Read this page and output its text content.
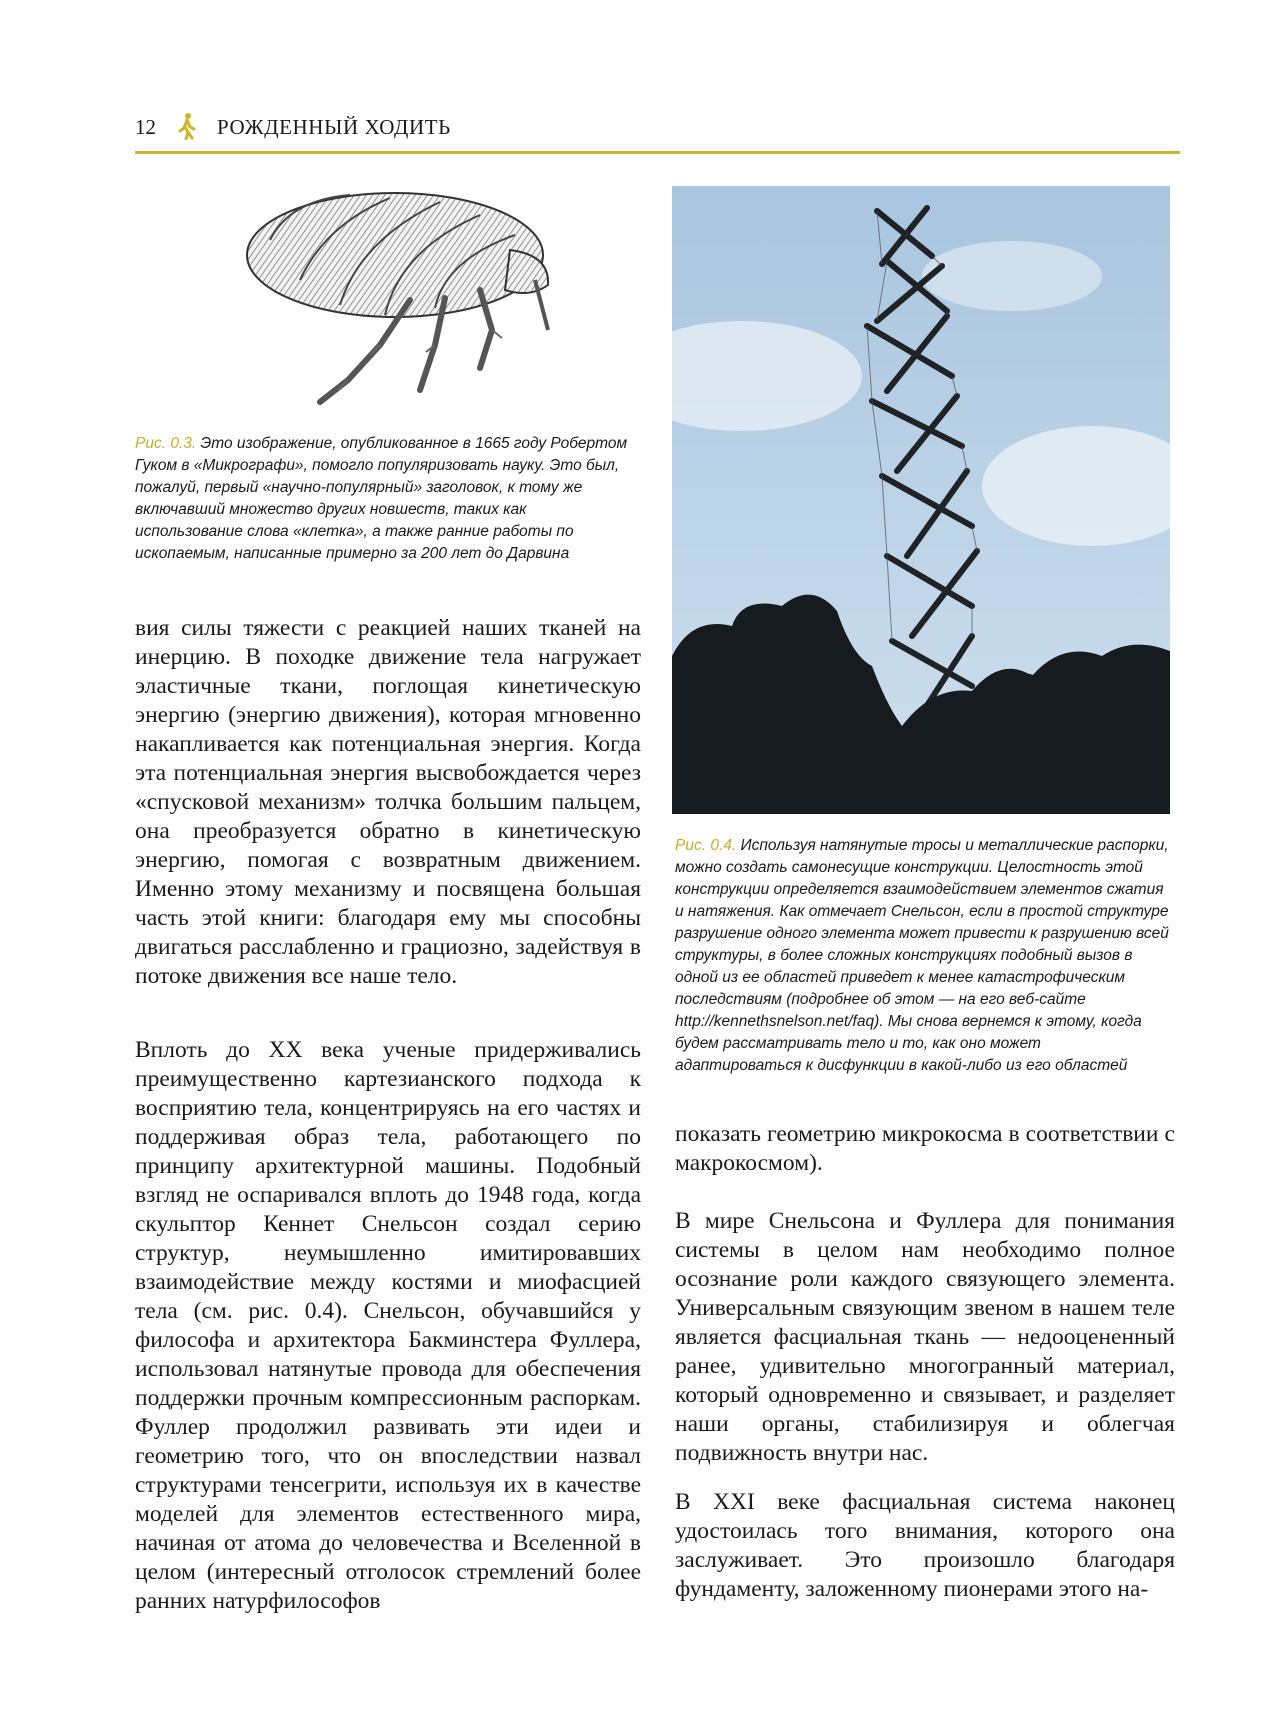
12	РОЖДЕННЫЙ ХОДИТЬ
Рис. 0.3. Это изображение, опубликованное в 1665 году Робертом Гуком в «Микрографи», помогло популяризовать науку. Это был, пожалуй, первый «научно-популярный» заголовок, к тому же включавший множество других новшеств, таких как использование слова «клетка», а также ранние работы по ископаемым, написанные примерно за 200 лет до Дарвина
Рис. 0.4. Используя натянутые тросы и металлические распорки, можно создать самонесущие конструкции. Целостность этой конструкции определяется взаимодействием элементов сжатия и натяжения. Как отмечает Снельсон, если в простой структуре разрушение одного элемента может привести к разрушению всей структуры, в более сложных конструкциях подобный вызов в одной из ее областей приведет к менее катастрофическим последствиям (подробнее об этом — на его веб-сайте http://kennethsnelson.net/faq). Мы снова вернемся к этому, когда будем рассматривать тело и то, как оно может адаптироваться к дисфункции в какой-либо из его областей

вия силы тяжести с реакцией наших тканей на инерцию. В походке движение тела нагружает эластичные ткани, поглощая кинетическую энергию (энергию движения), которая мгновенно накапливается как потенциальная энергия. Когда эта потенциальная энергия высвобождается через «спусковой механизм» толчка большим пальцем, она преобразуется обратно в кинетическую энергию, помогая с возвратным движением. Именно этому механизму и посвящена большая часть этой книги: благодаря ему мы способны двигаться расслабленно и грациозно, задействуя в потоке движения все наше тело.

Вплоть до XX века ученые придерживались преимущественно картезианского подхода к восприятию тела, концентрируясь на его частях и поддерживая образ тела, работающего по принципу архитектурной машины. Подобный взгляд не оспаривался вплоть до 1948 года, когда скульптор Кеннет Снельсон создал серию структур, неумышленно имитировавших взаимодействие между костями и миофасцией тела (см. рис. 0.4). Снельсон, обучавшийся у философа и архитектора Бакминстера Фуллера, использовал натянутые провода для обеспечения поддержки прочным компрессионным распоркам. Фуллер продолжил развивать эти идеи и геометрию того, что он впоследствии назвал структурами тенсегрити, используя их в качестве моделей для элементов естественного мира, начиная от атома до человечества и Вселенной в целом (интересный отголосок стремлений более ранних натурфилософов

показать геометрию микрокосма в соответствии с макрокосмом).

В мире Снельсона и Фуллера для понимания системы в целом нам необходимо полное осознание роли каждого связующего элемента. Универсальным связующим звеном в нашем теле является фасциальная ткань — недооцененный ранее, удивительно многогранный материал, который одновременно и связывает, и разделяет наши органы, стабилизируя и облегчая подвижность внутри нас.

В XXI веке фасциальная система наконец удостоилась того внимания, которого она заслуживает. Это произошло благодаря фундаменту, заложенному пионерами этого на-
